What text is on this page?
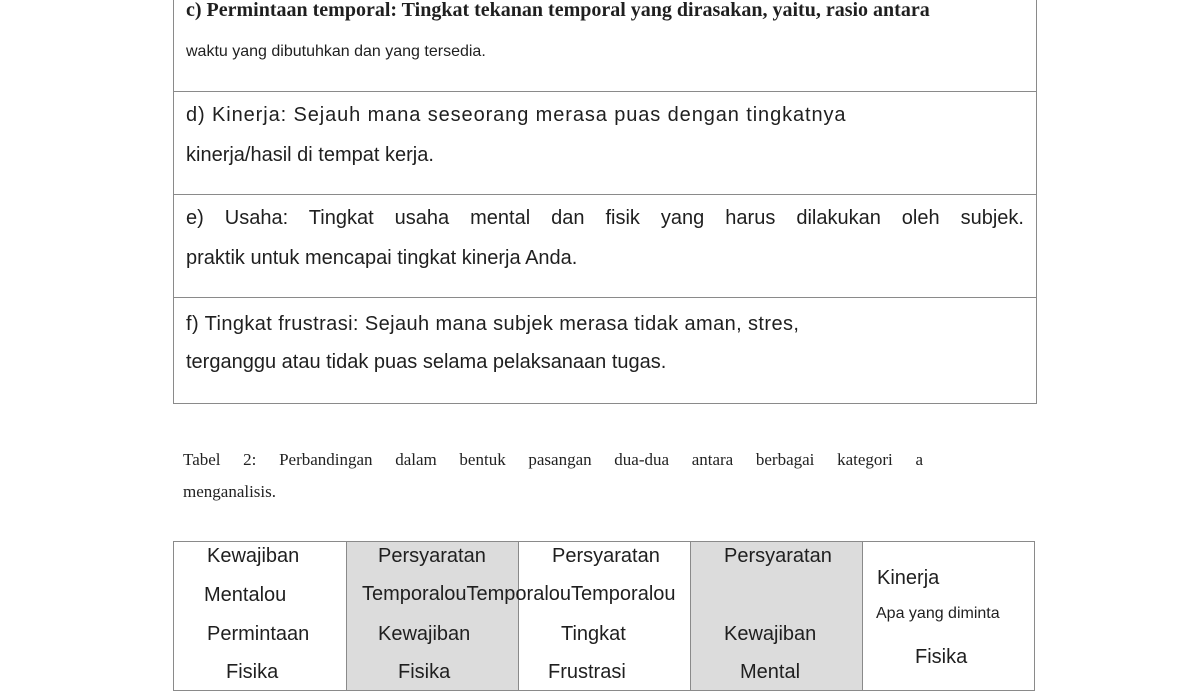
c) Permintaan temporal: Tingkat tekanan temporal yang dirasakan, yaitu, rasio antara
waktu yang dibutuhkan dan yang tersedia.
d) Kinerja: Sejauh mana seseorang merasa puas dengan tingkatnya
kinerja/hasil di tempat kerja.
e) Usaha: Tingkat usaha mental dan fisik yang harus dilakukan oleh subjek.
praktik untuk mencapai tingkat kinerja Anda.
f) Tingkat frustrasi: Sejauh mana subjek merasa tidak aman, stres,
terganggu atau tidak puas selama pelaksanaan tugas.
Tabel 2: Perbandingan dalam bentuk pasangan dua-dua antara berbagai kategori a
menganalisis.
Kewajiban
Mentalou
Permintaan
Fisika
Persyaratan
Kewajiban
Fisika
Persyaratan
Tingkat
Frustrasi
Persyaratan
Kewajiban
Mental
Kinerja
Apa yang diminta
Fisika
TemporalouTemporalouTemporalou
